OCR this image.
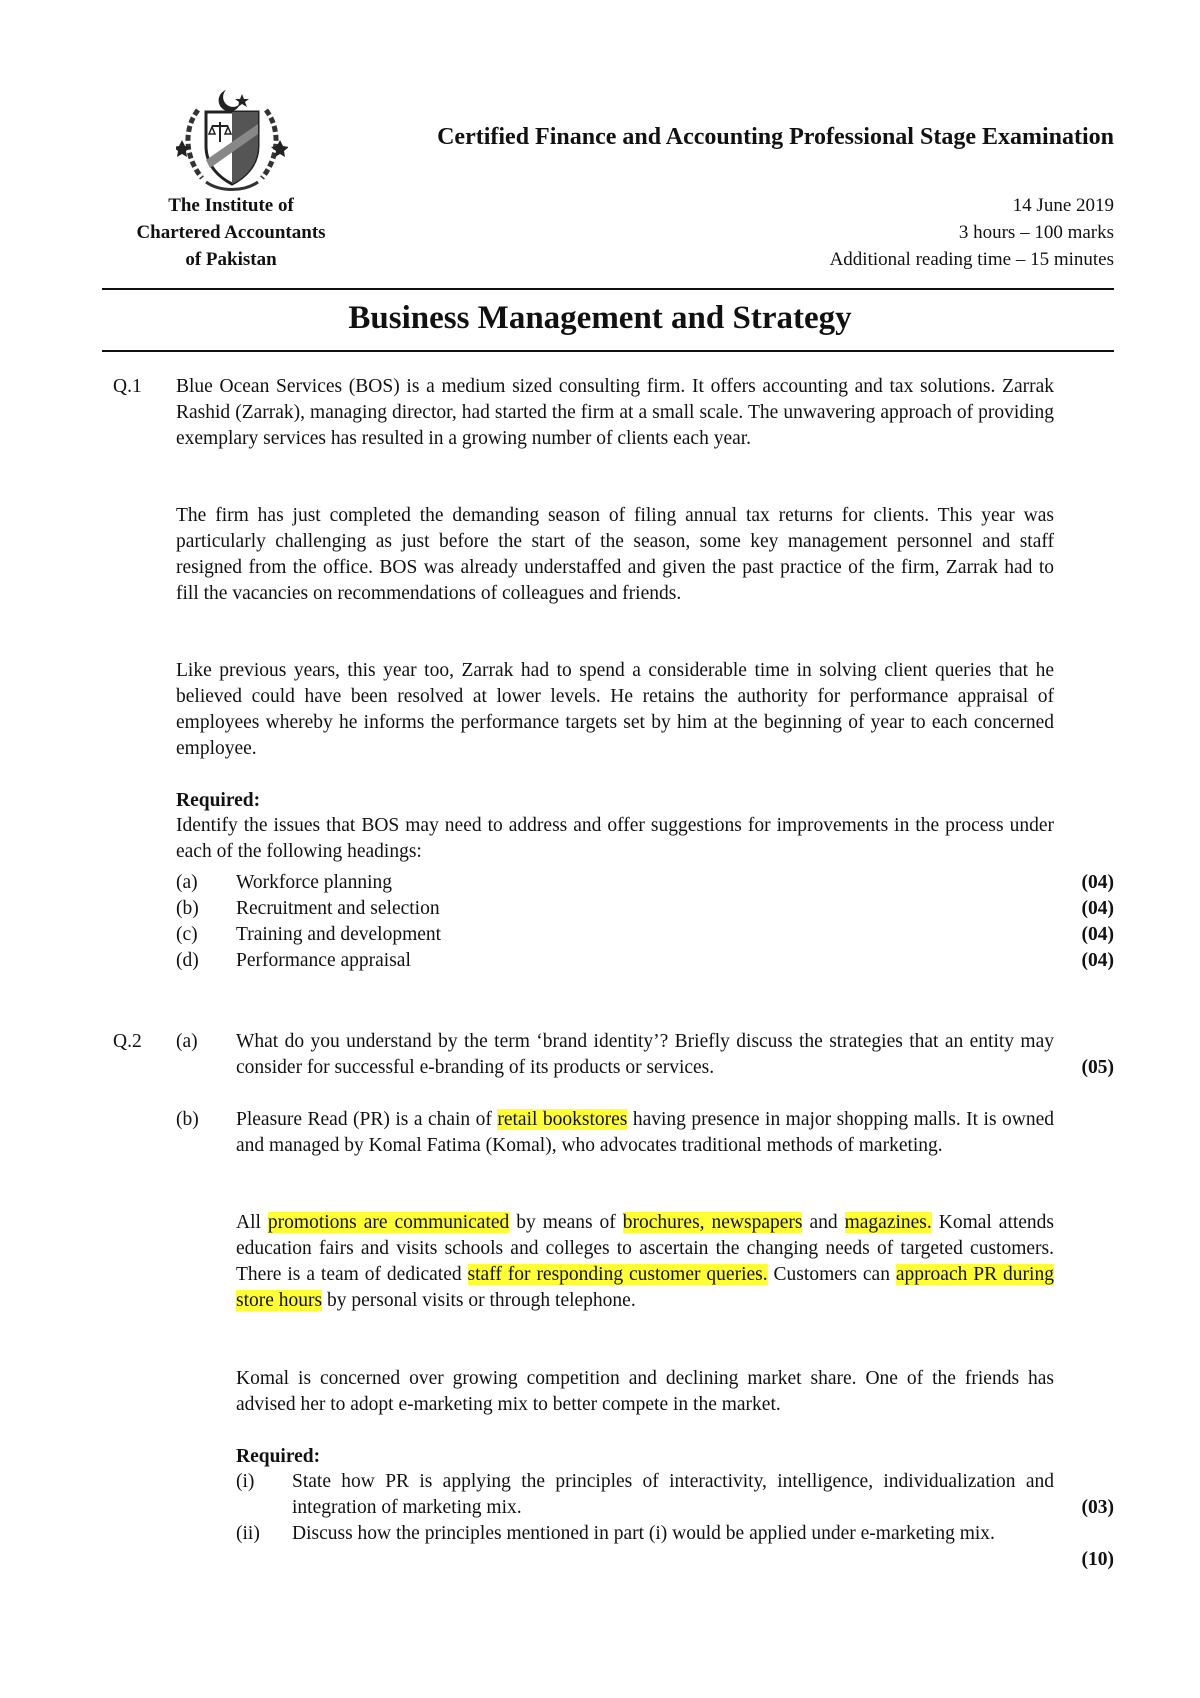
The Institute of
Chartered Accountants
of Pakistan
Certified Finance and Accounting Professional Stage Examination
14 June 2019
3 hours – 100 marks
Additional reading time – 15 minutes
Business Management and Strategy
Q.1 Blue Ocean Services (BOS) is a medium sized consulting firm. It offers accounting and tax solutions. Zarrak Rashid (Zarrak), managing director, had started the firm at a small scale. The unwavering approach of providing exemplary services has resulted in a growing number of clients each year.
The firm has just completed the demanding season of filing annual tax returns for clients. This year was particularly challenging as just before the start of the season, some key management personnel and staff resigned from the office. BOS was already understaffed and given the past practice of the firm, Zarrak had to fill the vacancies on recommendations of colleagues and friends.
Like previous years, this year too, Zarrak had to spend a considerable time in solving client queries that he believed could have been resolved at lower levels. He retains the authority for performance appraisal of employees whereby he informs the performance targets set by him at the beginning of year to each concerned employee.
Required:
Identify the issues that BOS may need to address and offer suggestions for improvements in the process under each of the following headings:
(a) Workforce planning	(04)
(b) Recruitment and selection	(04)
(c) Training and development	(04)
(d) Performance appraisal	(04)
Q.2 (a) What do you understand by the term ‘brand identity’? Briefly discuss the strategies that an entity may consider for successful e-branding of its products or services.	(05)
(b) Pleasure Read (PR) is a chain of retail bookstores having presence in major shopping malls. It is owned and managed by Komal Fatima (Komal), who advocates traditional methods of marketing.
All promotions are communicated by means of brochures, newspapers and magazines. Komal attends education fairs and visits schools and colleges to ascertain the changing needs of targeted customers. There is a team of dedicated staff for responding customer queries. Customers can approach PR during store hours by personal visits or through telephone.
Komal is concerned over growing competition and declining market share. One of the friends has advised her to adopt e-marketing mix to better compete in the market.
Required:
(i) State how PR is applying the principles of interactivity, intelligence, individualization and integration of marketing mix.	(03)
(ii) Discuss how the principles mentioned in part (i) would be applied under e-marketing mix.
(10)
